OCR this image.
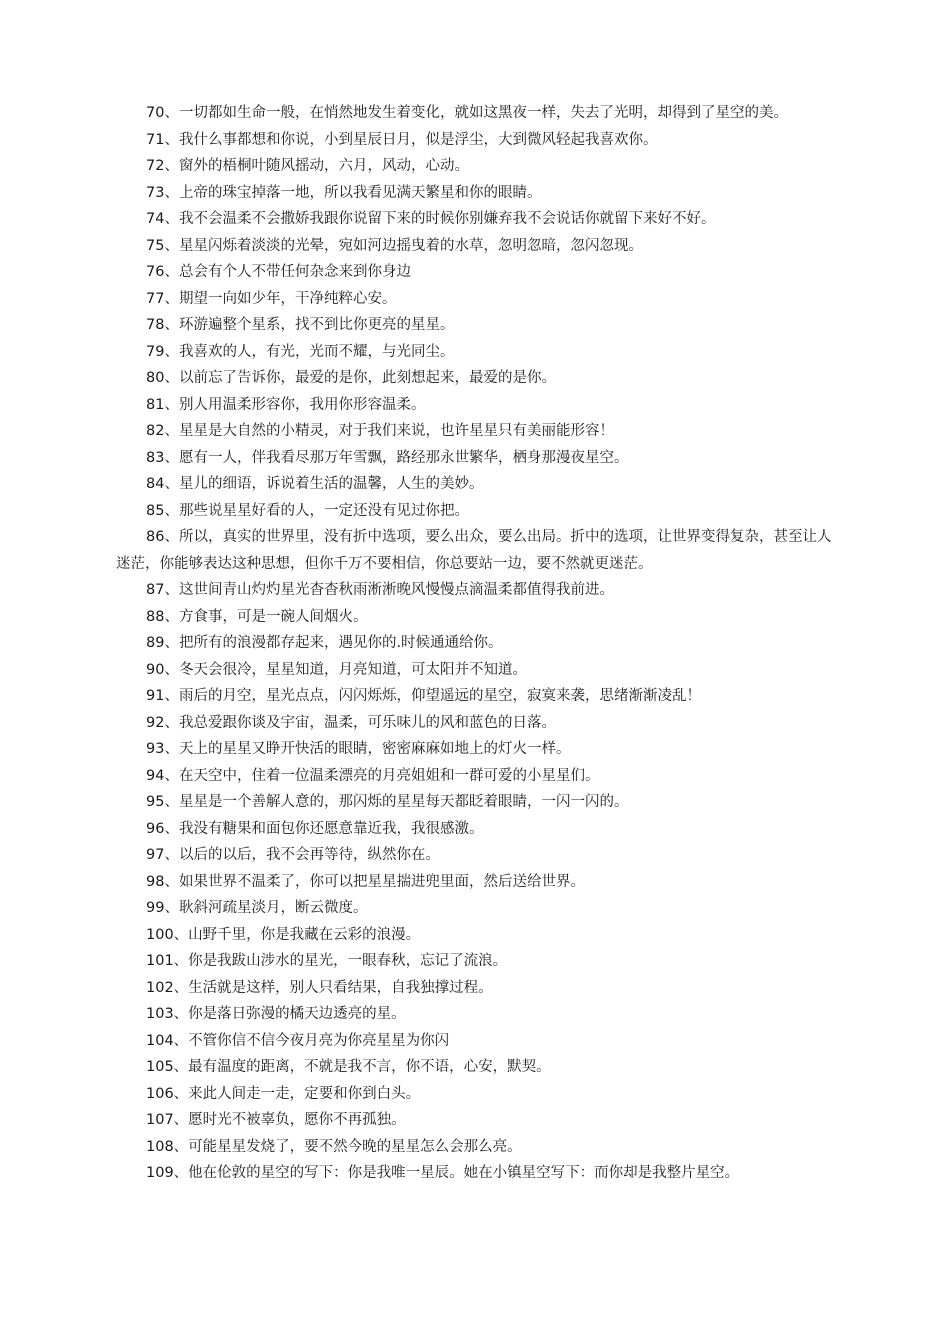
70、一切都如生命一般，在悄然地发生着变化，就如这黑夜一样，失去了光明，却得到了星空的美。

71、我什么事都想和你说，小到星辰日月，似是浮尘，大到微风轻起我喜欢你。

72、窗外的梧桐叶随风摇动，六月，风动，心动。

73、上帝的珠宝掉落一地，所以我看见满天繁星和你的眼睛。

74、我不会温柔不会撒娇我跟你说留下来的时候你别嫌弃我不会说话你就留下来好不好。

75、星星闪烁着淡淡的光晕，宛如河边摇曳着的水草，忽明忽暗，忽闪忽现。

76、总会有个人不带任何杂念来到你身边

77、期望一向如少年，干净纯粹心安。

78、环游遍整个星系，找不到比你更亮的星星。

79、我喜欢的人，有光，光而不耀，与光同尘。

80、以前忘了告诉你，最爱的是你，此刻想起来，最爱的是你。

81、别人用温柔形容你，我用你形容温柔。

82、星星是大自然的小精灵，对于我们来说，也许星星只有美丽能形容！

83、愿有一人，伴我看尽那万年雪飘，路经那永世繁华，栖身那漫夜星空。

84、星儿的细语，诉说着生活的温馨，人生的美妙。

85、那些说星星好看的人，一定还没有见过你把。

86、所以，真实的世界里，没有折中选项，要么出众，要么出局。折中的选项，让世界变得复杂，甚至让人迷茫，你能够表达这种思想，但你千万不要相信，你总要站一边，要不然就更迷茫。

87、这世间青山灼灼星光杳杳秋雨淅淅晚风慢慢点滴温柔都值得我前进。

88、方食事，可是一碗人间烟火。

89、把所有的浪漫都存起来，遇见你的.时候通通给你。

90、冬天会很冷，星星知道，月亮知道，可太阳并不知道。

91、雨后的月空，星光点点，闪闪烁烁，仰望遥远的星空，寂寞来袭，思绪渐渐凌乱！

92、我总爱跟你谈及宇宙，温柔，可乐味儿的风和蓝色的日落。

93、天上的星星又睁开快活的眼睛，密密麻麻如地上的灯火一样。

94、在天空中，住着一位温柔漂亮的月亮姐姐和一群可爱的小星星们。

95、星星是一个善解人意的，那闪烁的星星每天都眨着眼睛，一闪一闪的。

96、我没有糖果和面包你还愿意靠近我，我很感激。

97、以后的以后，我不会再等待，纵然你在。

98、如果世界不温柔了，你可以把星星揣进兜里面，然后送给世界。

99、耿斜河疏星淡月，断云微度。

100、山野千里，你是我藏在云彩的浪漫。

101、你是我跋山涉水的星光，一眼春秋，忘记了流浪。

102、生活就是这样，别人只看结果，自我独撑过程。

103、你是落日弥漫的橘天边透亮的星。

104、不管你信不信今夜月亮为你亮星星为你闪

105、最有温度的距离，不就是我不言，你不语，心安，默契。

106、来此人间走一走，定要和你到白头。

107、愿时光不被辜负，愿你不再孤独。

108、可能星星发烧了，要不然今晚的星星怎么会那么亮。

109、他在伦敦的星空的写下：你是我唯一星辰。她在小镇星空写下：而你却是我整片星空。
